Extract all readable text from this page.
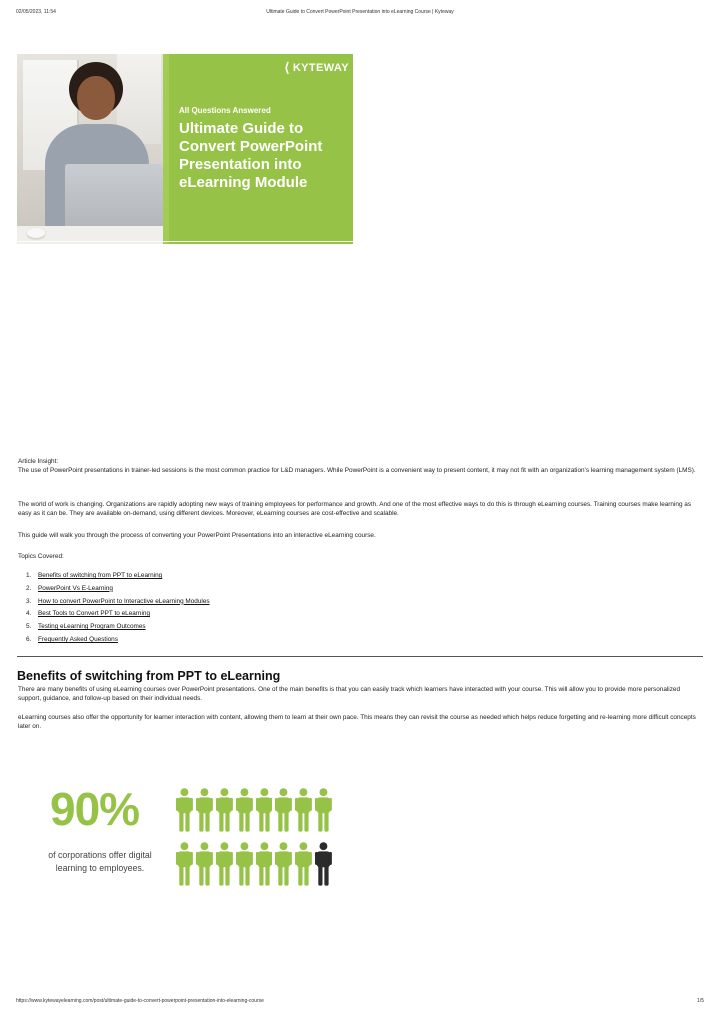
02/05/2023, 11:54	Ultimate Guide to Convert PowerPoint Presentation into eLearning Course | Kyteway
⟨ KYTEWAY
All Questions Answered
Ultimate Guide to Convert PowerPoint Presentation into eLearning Module
Article Insight:
The use of PowerPoint presentations in trainer-led sessions is the most common practice for L&D managers. While PowerPoint is a convenient way to present content, it may not fit with an organization’s learning management system (LMS).
The world of work is changing. Organizations are rapidly adopting new ways of training employees for performance and growth. And one of the most effective ways to do this is through eLearning courses. Training courses make learning as easy as it can be. They are available on-demand, using different devices. Moreover, eLearning courses are cost-effective and scalable.
This guide will walk you through the process of converting your PowerPoint Presentations into an interactive eLearning course.
Topics Covered:
1.	Benefits of switching from PPT to eLearning
2.	PowerPoint Vs E-Learning
3.	How to convert PowerPoint to Interactive eLearning Modules
4.	Best Tools to Convert PPT to eLearning
5.	Testing eLearning Program Outcomes
6.	Frequently Asked Questions
Benefits of switching from PPT to eLearning
There are many benefits of using eLearning courses over PowerPoint presentations. One of the main benefits is that you can easily track which learners have interacted with your course. This will allow you to provide more personalized support, guidance, and follow-up based on their individual needs.
eLearning courses also offer the opportunity for learner interaction with content, allowing them to learn at their own pace. This means they can revisit the course as needed which helps reduce forgetting and re-learning more difficult concepts later on.
90%
of corporations offer digital learning to employees.
https://www.kytewayelearning.com/post/ultimate-guide-to-convert-powerpoint-presentation-into-elearning-course	1/5
